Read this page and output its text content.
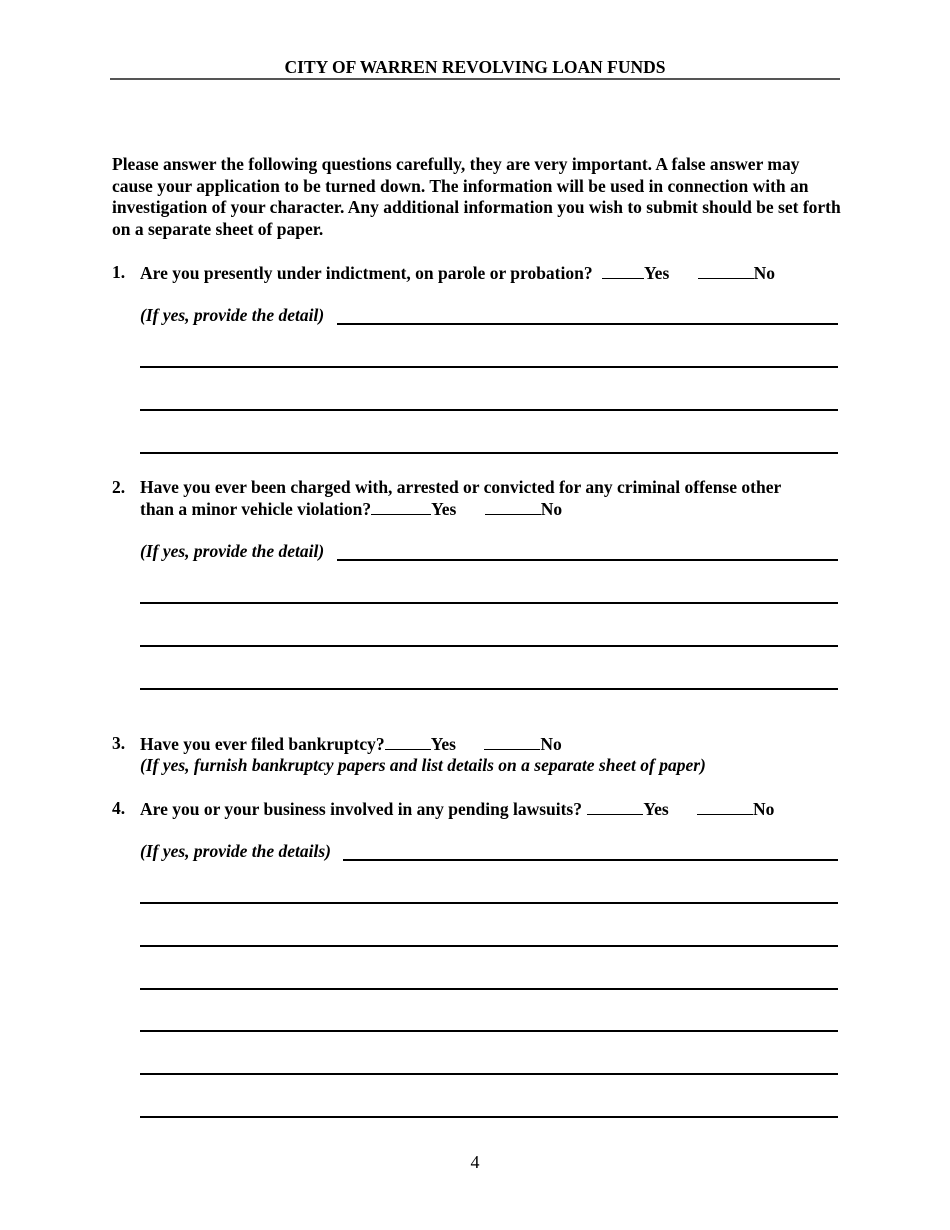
CITY OF WARREN REVOLVING LOAN FUNDS
Please answer the following questions carefully, they are very important. A false answer may cause your application to be turned down. The information will be used in connection with an investigation of your character. Any additional information you wish to submit should be set forth on a separate sheet of paper.
1. Are you presently under indictment, on parole or probation?	Yes	No
(If yes, provide the detail)
2. Have you ever been charged with, arrested or convicted for any criminal offense other
than a minor vehicle violation?	Yes	No
(If yes, provide the detail)
3. Have you ever filed bankruptcy?	Yes	No
(If yes, furnish bankruptcy papers and list details on a separate sheet of paper)
4. Are you or your business involved in any pending lawsuits?	Yes	No
(If yes, provide the details)
4
